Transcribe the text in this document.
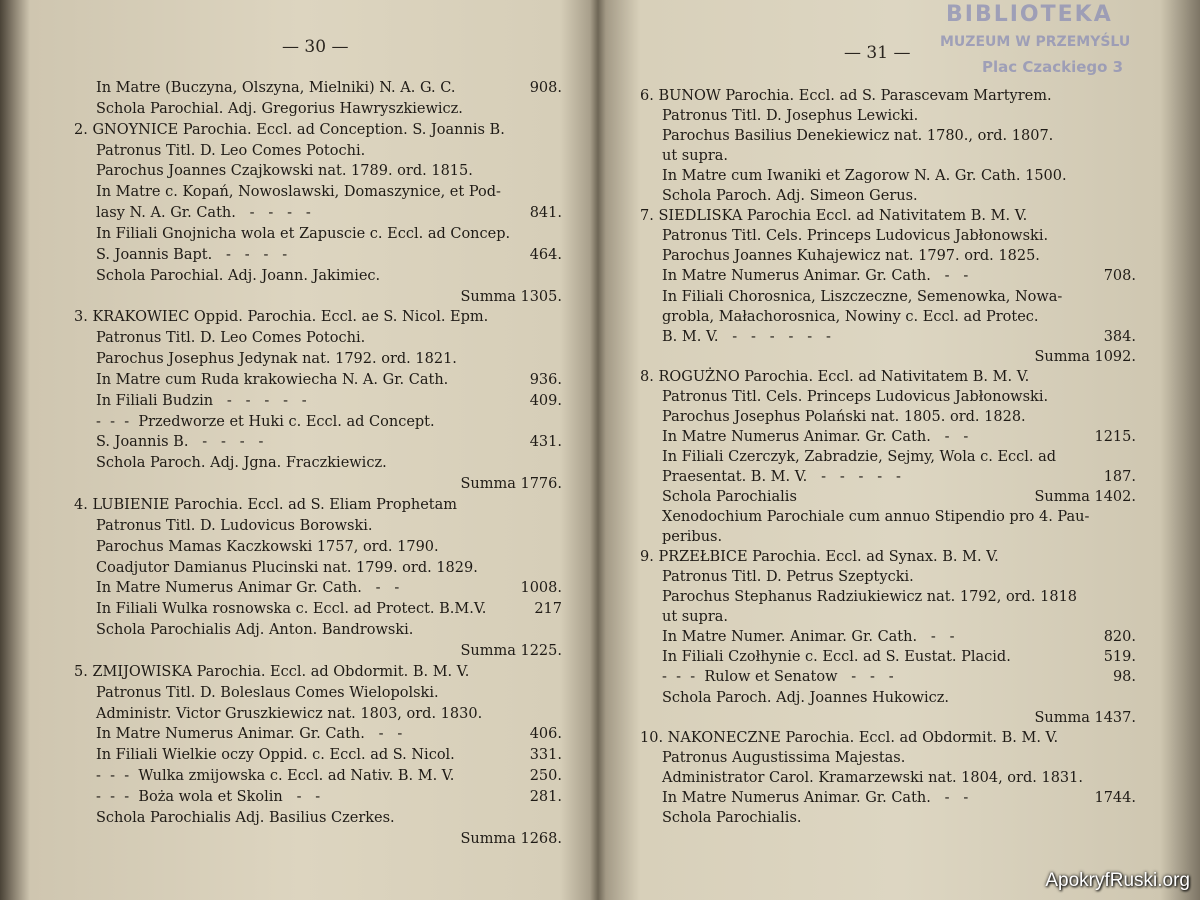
— 30 —
In Matre (Buczyna, Olszyna, Mielniki) N. A. G. C.	908.
Schola Parochial. Adj. Gregorius Hawryszkiewicz.
2. GNOYNICE Parochia. Eccl. ad Conception. S. Joannis B.
Patronus Titl. D. Leo Comes Potochi.
Parochus Joannes Czajkowski nat. 1789. ord. 1815.
In Matre c. Kopań, Nowoslawski, Domaszynice, et Pod-
lasy N. A. Gr. Cath.   -   -   -   -	841.
In Filiali Gnojnicha wola et Zapuscie c. Eccl. ad Concep.
S. Joannis Bapt.   -   -   -   -	464.
Schola Parochial. Adj. Joann. Jakimiec.
Summa 1305.
3. KRAKOWIEC Oppid. Parochia. Eccl. ae S. Nicol. Epm.
Patronus Titl. D. Leo Comes Potochi.
Parochus Josephus Jedynak nat. 1792. ord. 1821.
In Matre cum Ruda krakowiecha N. A. Gr. Cath.	936.
In Filiali Budzin   -   -   -   -   -	409.
-  -  -  Przedworze et Huki c. Eccl. ad Concept.
S. Joannis B.   -   -   -   -	431.
Schola Paroch. Adj. Jgna. Fraczkiewicz.
Summa 1776.
4. LUBIENIE Parochia. Eccl. ad S. Eliam Prophetam
Patronus Titl. D. Ludovicus Borowski.
Parochus Mamas Kaczkowski 1757, ord. 1790.
Coadjutor Damianus Plucinski nat. 1799. ord. 1829.
In Matre Numerus Animar Gr. Cath.   -   -	1008.
In Filiali Wulka rosnowska c. Eccl. ad Protect. B.M.V.	217
Schola Parochialis Adj. Anton. Bandrowski.
Summa 1225.
5. ZMIJOWISKA Parochia. Eccl. ad Obdormit. B. M. V.
Patronus Titl. D. Boleslaus Comes Wielopolski.
Administr. Victor Gruszkiewicz nat. 1803, ord. 1830.
In Matre Numerus Animar. Gr. Cath.   -   -	406.
In Filiali Wielkie oczy Oppid. c. Eccl. ad S. Nicol.	331.
-  -  -  Wulka zmijowska c. Eccl. ad Nativ. B. M. V.	250.
-  -  -  Boża wola et Skolin   -   -	281.
Schola Parochialis Adj. Basilius Czerkes.
Summa 1268.
— 31 —
6. BUNOW Parochia. Eccl. ad S. Parascevam Martyrem.
Patronus Titl. D. Josephus Lewicki.
Parochus Basilius Denekiewicz nat. 1780., ord. 1807.
ut supra.
In Matre cum Iwaniki et Zagorow N. A. Gr. Cath. 1500.
Schola Paroch. Adj. Simeon Gerus.
7. SIEDLISKA Parochia Eccl. ad Nativitatem B. M. V.
Patronus Titl. Cels. Princeps Ludovicus Jabłonowski.
Parochus Joannes Kuhajewicz nat. 1797. ord. 1825.
In Matre Numerus Animar. Gr. Cath.   -   -	708.
In Filiali Chorosnica, Liszczeczne, Semenowka, Nowa-
grobla, Małachorosnica, Nowiny c. Eccl. ad Protec.
B. M. V.   -   -   -   -   -   -	384.
Summa 1092.
8. ROGUŻNO Parochia. Eccl. ad Nativitatem B. M. V.
Patronus Titl. Cels. Princeps Ludovicus Jabłonowski.
Parochus Josephus Polański nat. 1805. ord. 1828.
In Matre Numerus Animar. Gr. Cath.   -   -	1215.
In Filiali Czerczyk, Zabradzie, Sejmy, Wola c. Eccl. ad
Praesentat. B. M. V.   -   -   -   -   -	187.
Schola Parochialis	Summa 1402.
Xenodochium Parochiale cum annuo Stipendio pro 4. Pau-
peribus.
9. PRZEŁBICE Parochia. Eccl. ad Synax. B. M. V.
Patronus Titl. D. Petrus Szeptycki.
Parochus Stephanus Radziukiewicz nat. 1792, ord. 1818
ut supra.
In Matre Numer. Animar. Gr. Cath.   -   -	820.
In Filiali Czołhynie c. Eccl. ad S. Eustat. Placid.	519.
-  -  -  Rulow et Senatow   -   -   -	98.
Schola Paroch. Adj. Joannes Hukowicz.
Summa 1437.
10. NAKONECZNE Parochia. Eccl. ad Obdormit. B. M. V.
Patronus Augustissima Majestas.
Administrator Carol. Kramarzewski nat. 1804, ord. 1831.
In Matre Numerus Animar. Gr. Cath.   -   -	1744.
Schola Parochialis.
BIBLIOTEKA
MUZEUM W PRZEMYŚLU
Plac Czackiego 3
ApokryfRuski.org
